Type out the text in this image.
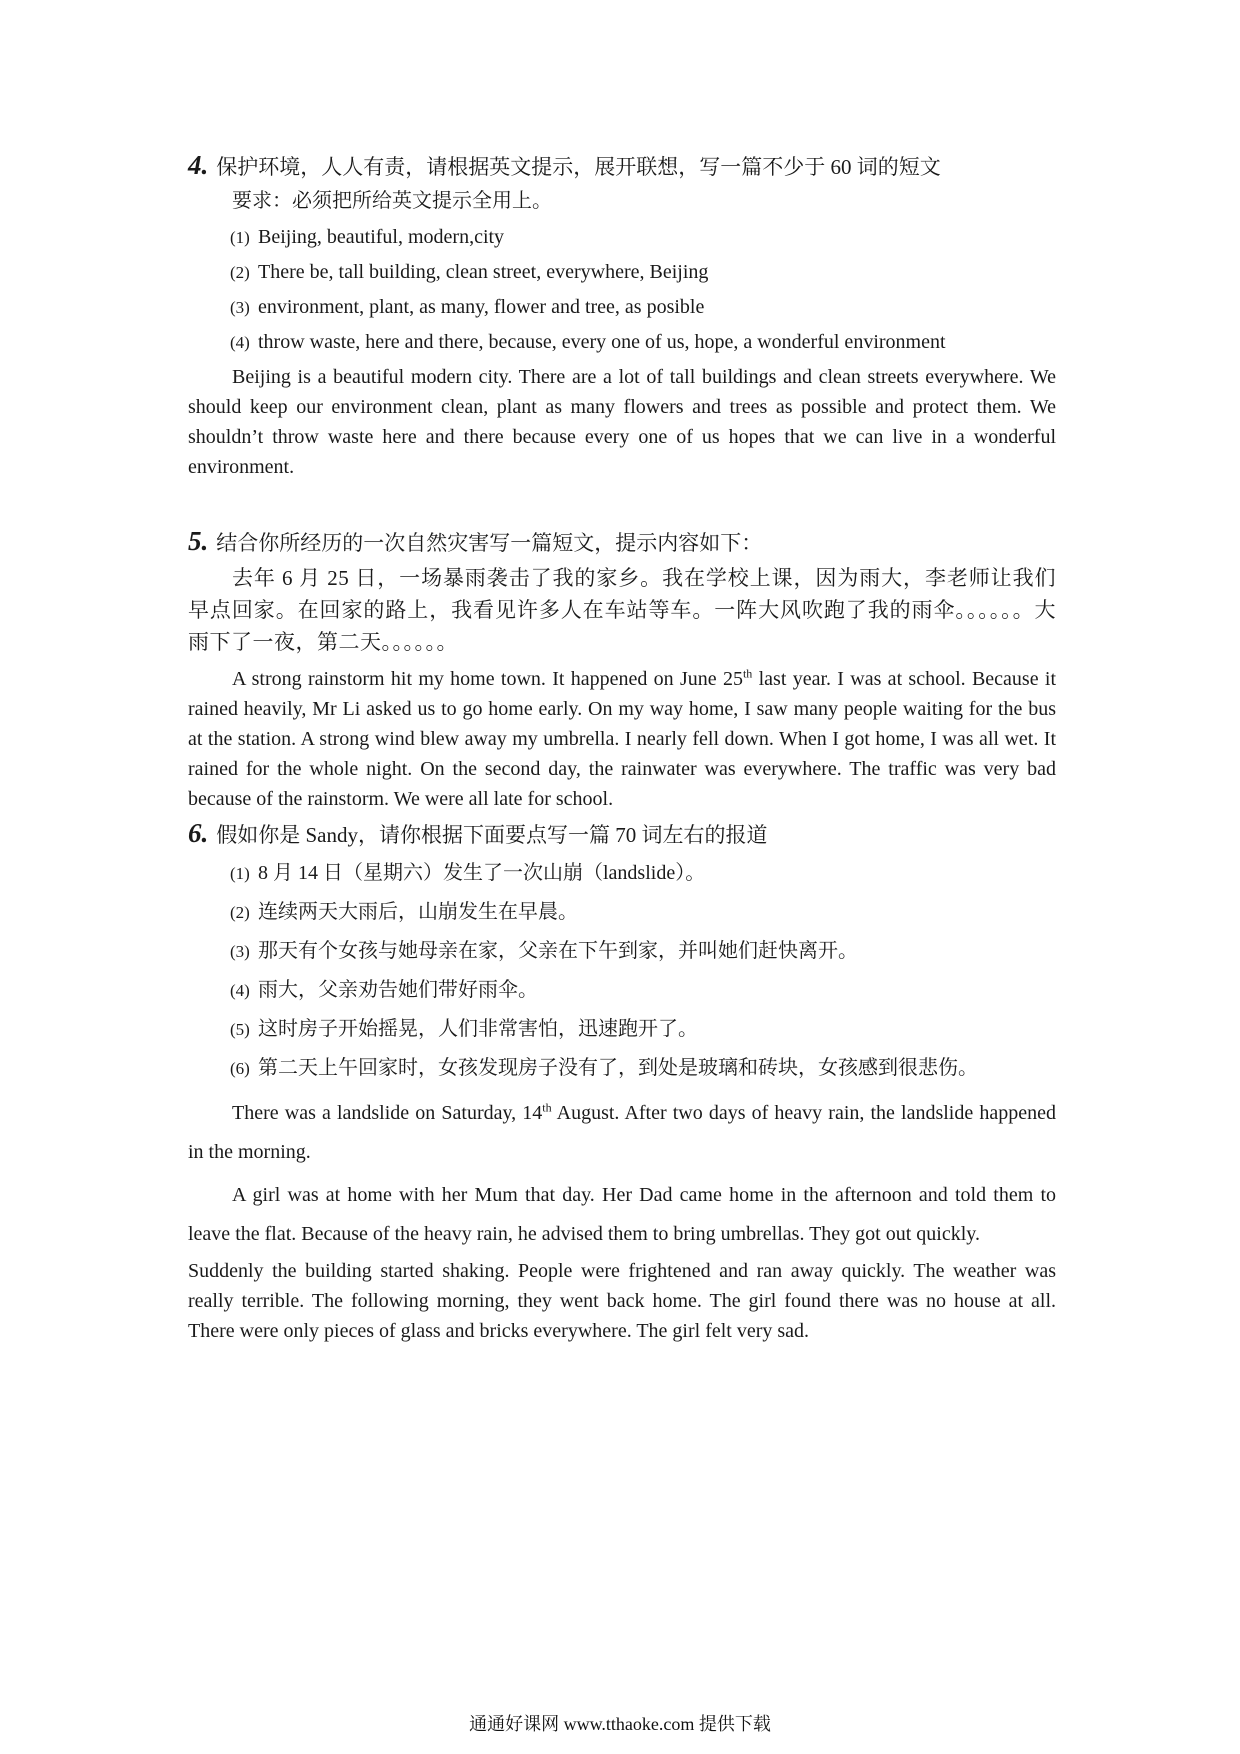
4. 保护环境，人人有责，请根据英文提示，展开联想，写一篇不少于 60 词的短文
要求：必须把所给英文提示全用上。
(1) Beijing, beautiful, modern,city
(2) There be, tall building, clean street, everywhere, Beijing
(3) environment, plant, as many, flower and tree, as posible
(4) throw waste, here and there, because, every one of us, hope, a wonderful environment

Beijing is a beautiful modern city. There are a lot of tall buildings and clean streets everywhere. We should keep our environment clean, plant as many flowers and trees as possible and protect them. We shouldn’t throw waste here and there because every one of us hopes that we can live in a wonderful environment.

5. 结合你所经历的一次自然灾害写一篇短文，提示内容如下：

去年 6 月 25 日，一场暴雨袭击了我的家乡。我在学校上课，因为雨大，李老师让我们早点回家。在回家的路上，我看见许多人在车站等车。一阵大风吹跑了我的雨伞。。。。。。大雨下了一夜，第二天。。。。。。

A strong rainstorm hit my home town. It happened on June 25th last year. I was at school. Because it rained heavily, Mr Li asked us to go home early. On my way home, I saw many people waiting for the bus at the station. A strong wind blew away my umbrella. I nearly fell down. When I got home, I was all wet. It rained for the whole night. On the second day, the rainwater was everywhere. The traffic was very bad because of the rainstorm. We were all late for school.

6. 假如你是 Sandy，请你根据下面要点写一篇 70 词左右的报道
(1) 8 月 14 日（星期六）发生了一次山崩（landslide）。
(2) 连续两天大雨后，山崩发生在早晨。
(3) 那天有个女孩与她母亲在家，父亲在下午到家，并叫她们赶快离开。
(4) 雨大，父亲劝告她们带好雨伞。
(5) 这时房子开始摇晃，人们非常害怕，迅速跑开了。
(6) 第二天上午回家时，女孩发现房子没有了，到处是玻璃和砖块，女孩感到很悲伤。

There was a landslide on Saturday, 14th August. After two days of heavy rain, the landslide happened in the morning.

A girl was at home with her Mum that day. Her Dad came home in the afternoon and told them to leave the flat. Because of the heavy rain, he advised them to bring umbrellas. They got out quickly.

Suddenly the building started shaking. People were frightened and ran away quickly. The weather was really terrible. The following morning, they went back home. The girl found there was no house at all. There were only pieces of glass and bricks everywhere. The girl felt very sad.

通通好课网 www.tthaoke.com 提供下载
